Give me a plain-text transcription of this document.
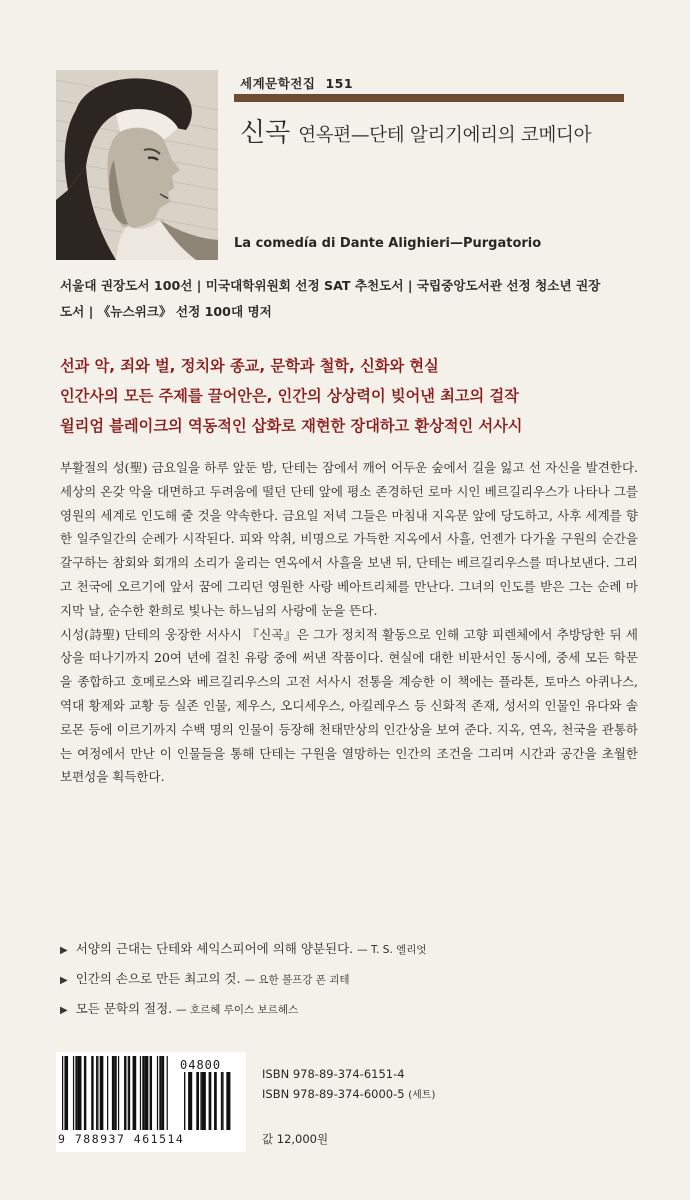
세계문학전집 151
신곡 연옥편—단테 알리기에리의 코메디아
La comedía di Dante Alighieri—Purgatorio
서울대 권장도서 100선 | 미국대학위원회 선정 SAT 추천도서 | 국립중앙도서관 선정 청소년 권장
도서 | 《뉴스위크》 선정 100대 명저
선과 악, 죄와 벌, 정치와 종교, 문학과 철학, 신화와 현실
인간사의 모든 주제를 끌어안은, 인간의 상상력이 빚어낸 최고의 걸작
윌리엄 블레이크의 역동적인 삽화로 재현한 장대하고 환상적인 서사시

부활절의 성(聖) 금요일을 하루 앞둔 밤, 단테는 잠에서 깨어 어두운 숲에서 길을 잃고 선 자신을 발견한다. 세상의 온갖 악을 대면하고 두려움에 떨던 단테 앞에 평소 존경하던 로마 시인 베르길리우스가 나타나 그를 영원의 세계로 인도해 줄 것을 약속한다. 금요일 저녁 그들은 마침내 지옥문 앞에 당도하고, 사후 세계를 향한 일주일간의 순례가 시작된다. 피와 악취, 비명으로 가득한 지옥에서 사흘, 언젠가 다가올 구원의 순간을 갈구하는 참회와 회개의 소리가 울리는 연옥에서 사흘을 보낸 뒤, 단테는 베르길리우스를 떠나보낸다. 그리고 천국에 오르기에 앞서 꿈에 그리던 영원한 사랑 베아트리체를 만난다. 그녀의 인도를 받은 그는 순례 마지막 날, 순수한 환희로 빛나는 하느님의 사랑에 눈을 뜬다.

시성(詩聖) 단테의 웅장한 서사시 『신곡』은 그가 정치적 활동으로 인해 고향 피렌체에서 추방당한 뒤 세상을 떠나기까지 20여 년에 걸친 유랑 중에 써낸 작품이다. 현실에 대한 비판서인 동시에, 중세 모든 학문을 종합하고 호메로스와 베르길리우스의 고전 서사시 전통을 계승한 이 책에는 플라톤, 토마스 아퀴나스, 역대 황제와 교황 등 실존 인물, 제우스, 오디세우스, 아킬레우스 등 신화적 존재, 성서의 인물인 유다와 솔로몬 등에 이르기까지 수백 명의 인물이 등장해 천태만상의 인간상을 보여 준다. 지옥, 연옥, 천국을 관통하는 여정에서 만난 이 인물들을 통해 단테는 구원을 열망하는 인간의 조건을 그리며 시간과 공간을 초월한 보편성을 획득한다.

▶ 서양의 근대는 단테와 셰익스피어에 의해 양분된다. — T. S. 엘리엇
▶ 인간의 손으로 만든 최고의 것. — 요한 볼프강 폰 괴테
▶ 모든 문학의 절정. — 호르헤 루이스 보르헤스
04800
9 788937 461514
ISBN 978-89-374-6151-4
ISBN 978-89-374-6000-5 (세트)
값 12,000원
